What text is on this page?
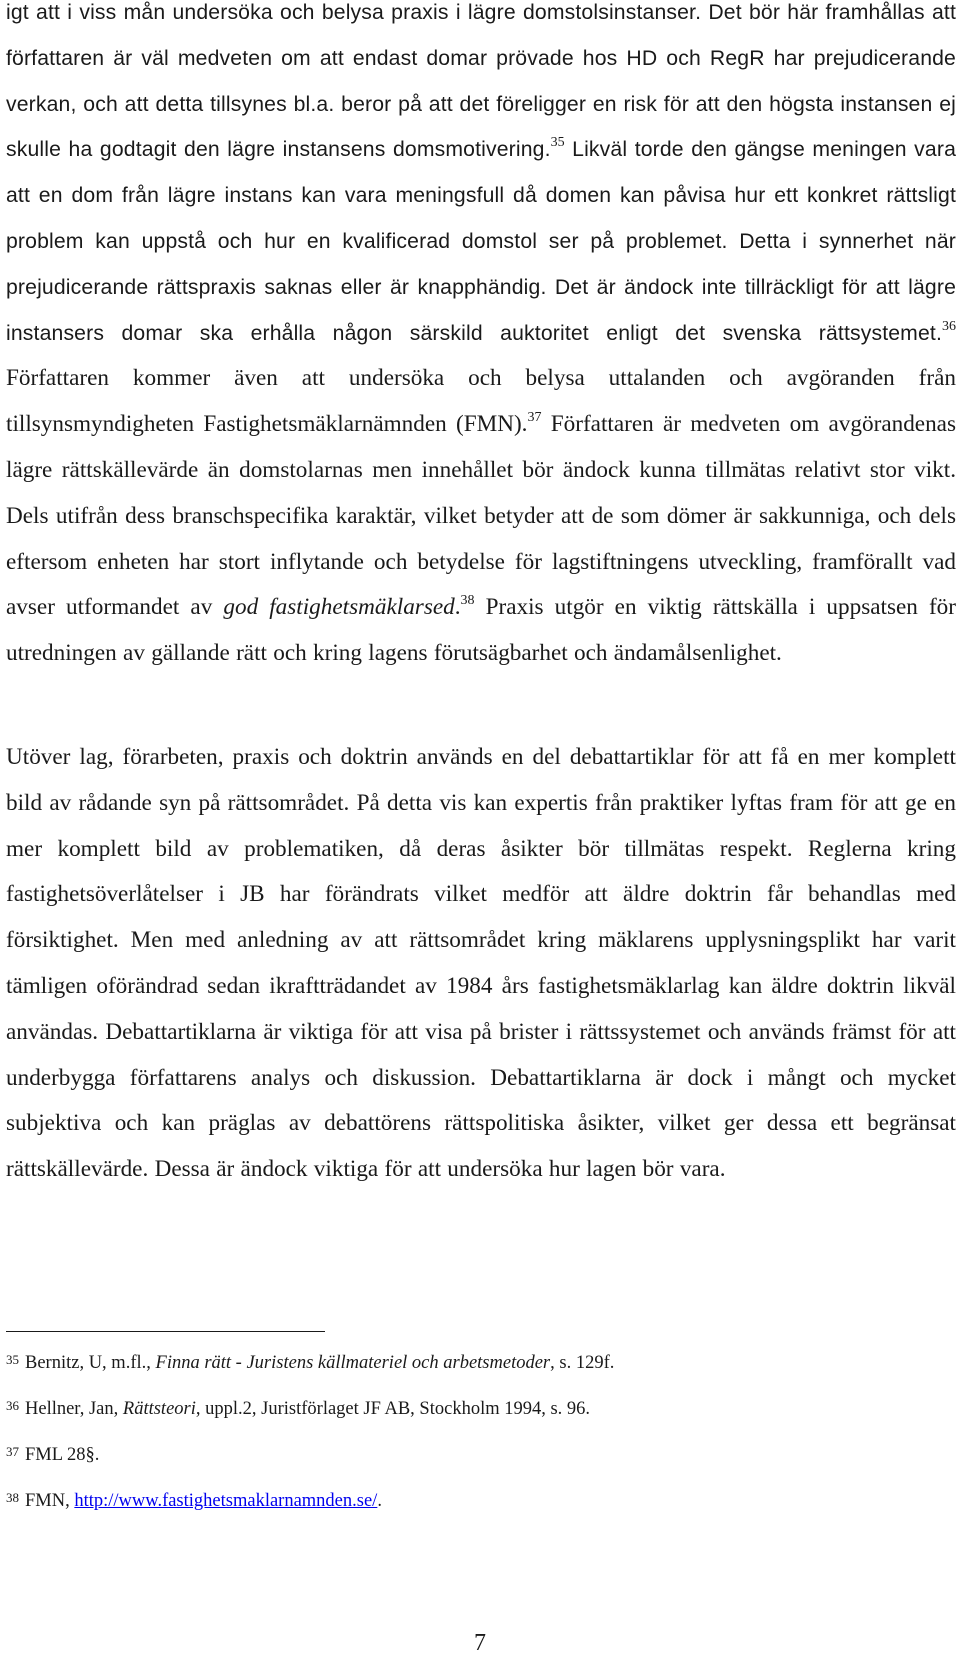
igt att i viss mån undersöka och belysa praxis i lägre domstolsinstanser. Det bör här framhållas att författaren är väl medveten om att endast domar prövade hos HD och RegR har prejudicerande verkan, och att detta tillsynes bl.a. beror på att det föreligger en risk för att den högsta instansen ej skulle ha godtagit den lägre instansens domsmotivering.$^{35}$ Likväl torde den gängse meningen vara att en dom från lägre instans kan vara meningsfull då domen kan påvisa hur ett konkret rättsligt problem kan uppstå och hur en kvalificerad domstol ser på problemet. Detta i synnerhet när prejudicerande rättspraxis saknas eller är knapphändig. Det är ändock inte tillräckligt för att lägre instansers domar ska erhålla någon särskild auktoritet enligt det svenska rättsystemet.$^{36}$ Författaren kommer även att undersöka och belysa uttalanden och avgöranden från tillsynsmyndigheten Fastighetsmäklarnämnden (FMN).$^{37}$ Författaren är medveten om avgörandenas lägre rättskällevärde än domstolarnas men innehållet bör ändock kunna tillmätas relativt stor vikt. Dels utifrån dess branschspecifika karaktär, vilket betyder att de som dömer är sakkunniga, och dels eftersom enheten har stort inflytande och betydelse för lagstiftningens utveckling, framförallt vad avser utformandet av god fastighetsmäklarsed.$^{38}$ Praxis utgör en viktig rättskälla i uppsatsen för utredningen av gällande rätt och kring lagens förutsägbarhet och ändamålsenlighet.

Utöver lag, förarbeten, praxis och doktrin används en del debattartiklar för att få en mer komplett bild av rådande syn på rättsområdet. På detta vis kan expertis från praktiker lyftas fram för att ge en mer komplett bild av problematiken, då deras åsikter bör tillmätas respekt. Reglerna kring fastighetsöverlåtelser i JB har förändrats vilket medför att äldre doktrin får behandlas med försiktighet. Men med anledning av att rättsområdet kring mäklarens upplysningsplikt har varit tämligen oförändrad sedan ikraftträdandet av 1984 års fastighetsmäklarlag kan äldre doktrin likväl användas. Debattartiklarna är viktiga för att visa på brister i rättssystemet och används främst för att underbygga författarens analys och diskussion. Debattartiklarna är dock i mångt och mycket subjektiva och kan präglas av debattörens rättspolitiska åsikter, vilket ger dessa ett begränsat rättskällevärde. Dessa är ändock viktiga för att undersöka hur lagen bör vara.

$^{35}$ Bernitz, U, m.fl., Finna rätt - Juristens källmateriel och arbetsmetoder, s. 129f.
$^{36}$ Hellner, Jan, Rättsteori, uppl.2, Juristförlaget JF AB, Stockholm 1994, s. 96.
$^{37}$ FML 28§.
$^{38}$ FMN, http://www.fastighetsmaklarnamnden.se/.
7
